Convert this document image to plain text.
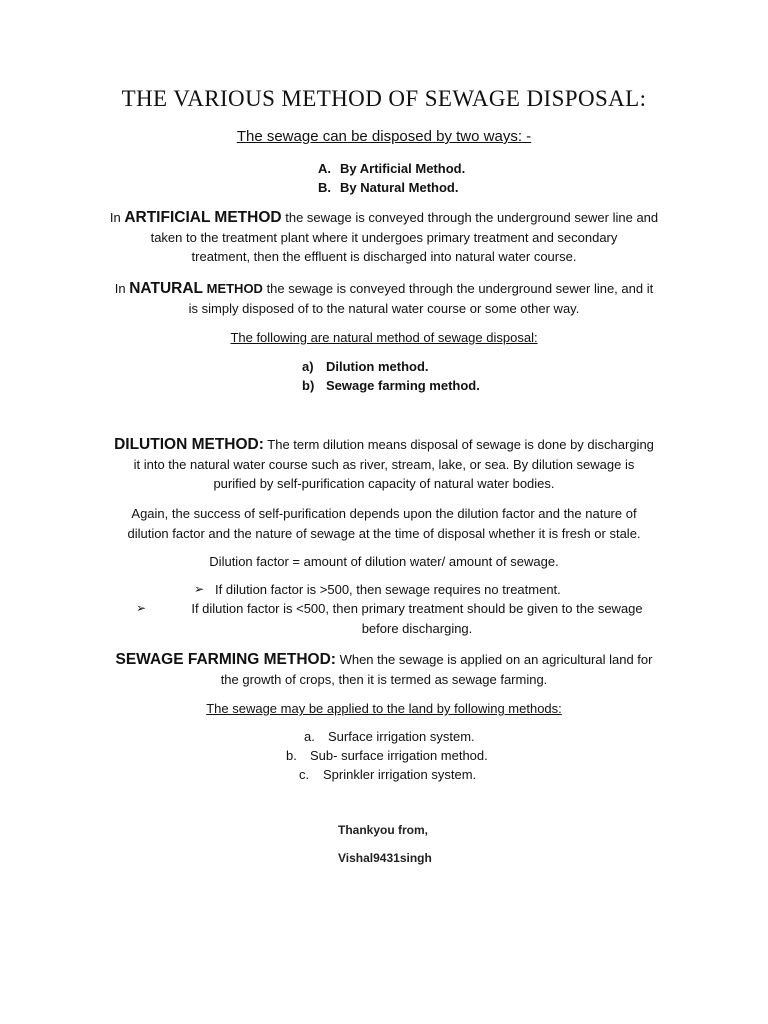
THE VARIOUS METHOD OF SEWAGE DISPOSAL:
The sewage can be disposed by two ways: -
A. By Artificial Method.
B. By Natural Method.
In ARTIFICIAL METHOD the sewage is conveyed through the underground sewer line and
taken to the treatment plant where it undergoes primary treatment and secondary
treatment, then the effluent is discharged into natural water course.
In NATURAL METHOD the sewage is conveyed through the underground sewer line, and it
is simply disposed of to the natural water course or some other way.
The following are natural method of sewage disposal:
a) Dilution method.
b) Sewage farming method.
DILUTION METHOD: The term dilution means disposal of sewage is done by discharging
it into the natural water course such as river, stream, lake, or sea. By dilution sewage is
purified by self-purification capacity of natural water bodies.
Again, the success of self-purification depends upon the dilution factor and the nature of
dilution factor and the nature of sewage at the time of disposal whether it is fresh or stale.
Dilution factor = amount of dilution water/ amount of sewage.
➢ If dilution factor is >500, then sewage requires no treatment.
➢	If dilution factor is <500, then primary treatment should be given to the sewage
before discharging.
SEWAGE FARMING METHOD: When the sewage is applied on an agricultural land for
the growth of crops, then it is termed as sewage farming.
The sewage may be applied to the land by following methods:
a. Surface irrigation system.
b. Sub- surface irrigation method.
c. Sprinkler irrigation system.
Thankyou from,
Vishal9431singh
